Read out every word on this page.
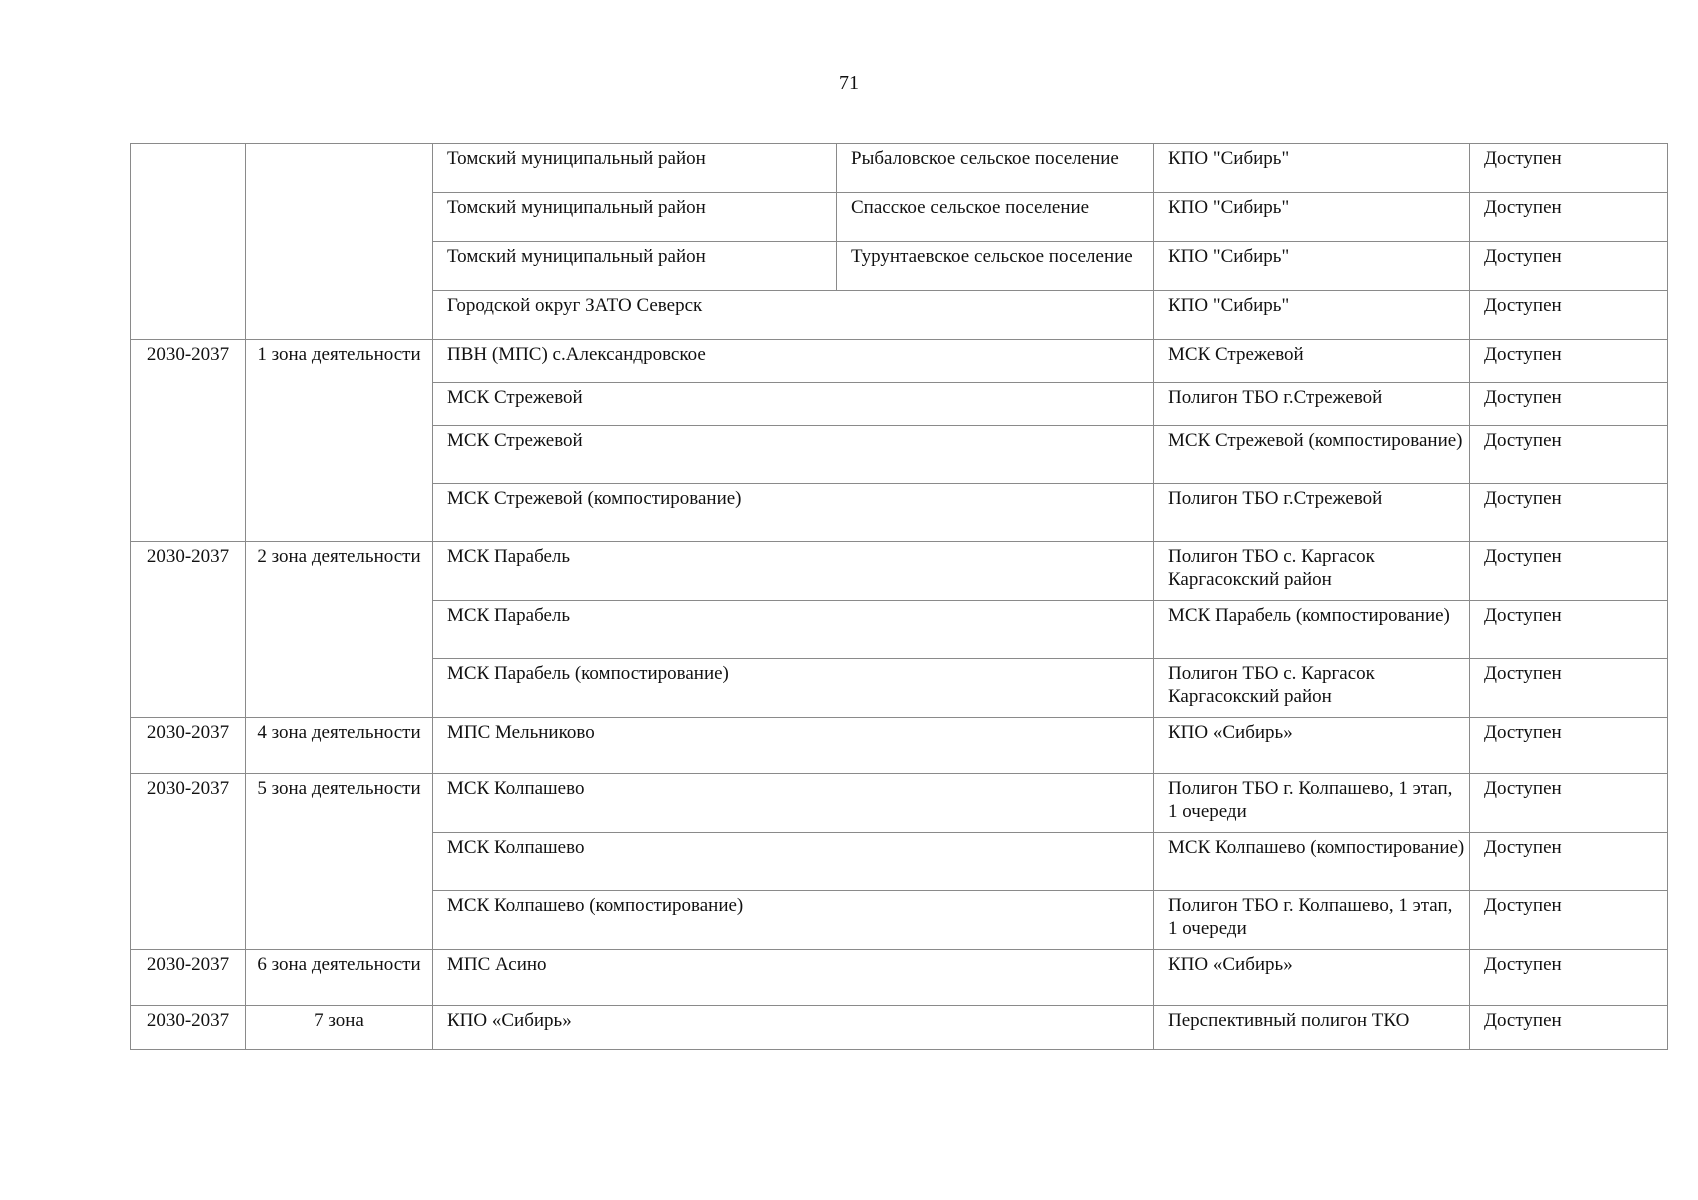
71
		Томский муниципальный район	Рыбаловское сельское поселение	КПО "Сибирь"	Доступен
		Томский муниципальный район	Спасское сельское поселение	КПО "Сибирь"	Доступен
		Томский муниципальный район	Турунтаевское сельское поселение	КПО "Сибирь"	Доступен
		Городской округ ЗАТО Северск		КПО "Сибирь"	Доступен
2030-2037	1 зона деятельности	ПВН (МПС) с.Александровское		МСК Стрежевой	Доступен
		МСК Стрежевой		Полигон ТБО г.Стрежевой	Доступен
		МСК Стрежевой		МСК Стрежевой (компостирование)	Доступен
		МСК Стрежевой (компостирование)		Полигон ТБО г.Стрежевой	Доступен
2030-2037	2 зона деятельности	МСК Парабель		Полигон ТБО с. Каргасок Каргасокский район	Доступен
		МСК Парабель		МСК Парабель (компостирование)	Доступен
		МСК Парабель (компостирование)		Полигон ТБО с. Каргасок Каргасокский район	Доступен
2030-2037	4 зона деятельности	МПС Мельниково		КПО «Сибирь»	Доступен
2030-2037	5 зона деятельности	МСК Колпашево		Полигон ТБО г. Колпашево, 1 этап, 1 очереди	Доступен
		МСК Колпашево		МСК Колпашево (компостирование)	Доступен
		МСК Колпашево (компостирование)		Полигон ТБО г. Колпашево, 1 этап, 1 очереди	Доступен
2030-2037	6 зона деятельности	МПС Асино		КПО «Сибирь»	Доступен
2030-2037	7 зона	КПО «Сибирь»		Перспективный полигон ТКО	Доступен
